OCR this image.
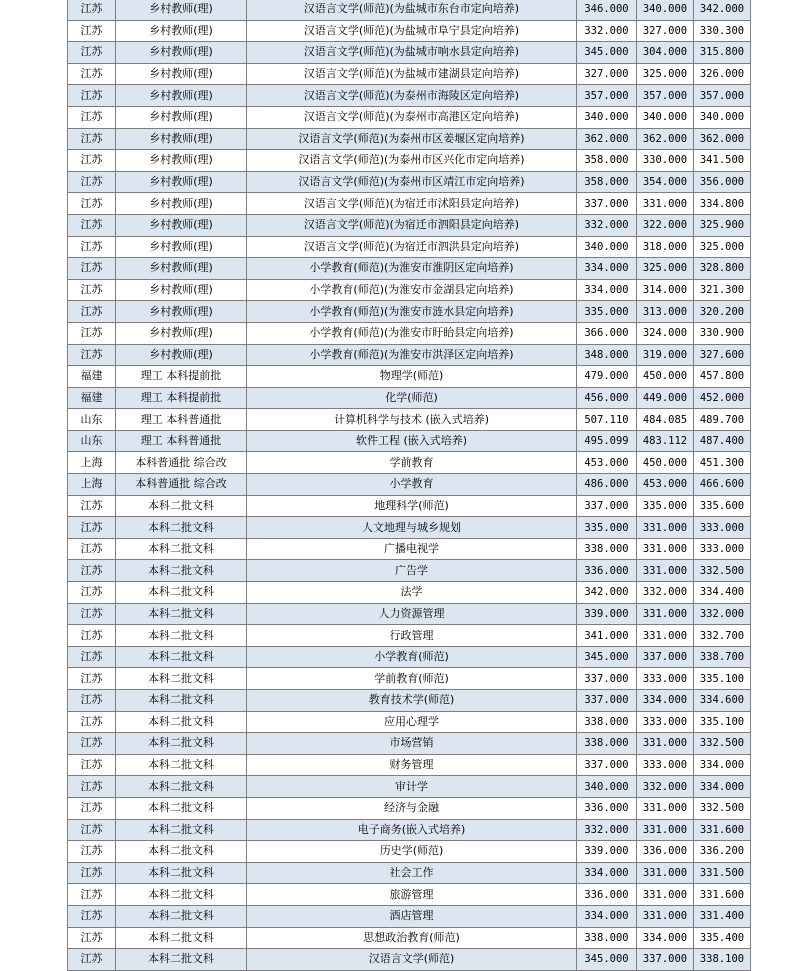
江苏	乡村教师(理)	汉语言文学(师范)(为盐城市东台市定向培养)	346.000	340.000	342.000
江苏	乡村教师(理)	汉语言文学(师范)(为盐城市阜宁县定向培养)	332.000	327.000	330.300
江苏	乡村教师(理)	汉语言文学(师范)(为盐城市响水县定向培养)	345.000	304.000	315.800
江苏	乡村教师(理)	汉语言文学(师范)(为盐城市建湖县定向培养)	327.000	325.000	326.000
江苏	乡村教师(理)	汉语言文学(师范)(为泰州市海陵区定向培养)	357.000	357.000	357.000
江苏	乡村教师(理)	汉语言文学(师范)(为泰州市高港区定向培养)	340.000	340.000	340.000
江苏	乡村教师(理)	汉语言文学(师范)(为泰州市区姜堰区定向培养)	362.000	362.000	362.000
江苏	乡村教师(理)	汉语言文学(师范)(为泰州市区兴化市定向培养)	358.000	330.000	341.500
江苏	乡村教师(理)	汉语言文学(师范)(为泰州市区靖江市定向培养)	358.000	354.000	356.000
江苏	乡村教师(理)	汉语言文学(师范)(为宿迁市沭阳县定向培养)	337.000	331.000	334.800
江苏	乡村教师(理)	汉语言文学(师范)(为宿迁市泗阳县定向培养)	332.000	322.000	325.900
江苏	乡村教师(理)	汉语言文学(师范)(为宿迁市泗洪县定向培养)	340.000	318.000	325.000
江苏	乡村教师(理)	小学教育(师范)(为淮安市淮阴区定向培养)	334.000	325.000	328.800
江苏	乡村教师(理)	小学教育(师范)(为淮安市金湖县定向培养)	334.000	314.000	321.300
江苏	乡村教师(理)	小学教育(师范)(为淮安市涟水县定向培养)	335.000	313.000	320.200
江苏	乡村教师(理)	小学教育(师范)(为淮安市盱眙县定向培养)	366.000	324.000	330.900
江苏	乡村教师(理)	小学教育(师范)(为淮安市洪泽区定向培养)	348.000	319.000	327.600
福建	理工 本科提前批	物理学(师范)	479.000	450.000	457.800
福建	理工 本科提前批	化学(师范)	456.000	449.000	452.000
山东	理工 本科普通批	计算机科学与技术 (嵌入式培养)	507.110	484.085	489.700
山东	理工 本科普通批	软件工程 (嵌入式培养)	495.099	483.112	487.400
上海	本科普通批 综合改	学前教育	453.000	450.000	451.300
上海	本科普通批 综合改	小学教育	486.000	453.000	466.600
江苏	本科二批文科	地理科学(师范)	337.000	335.000	335.600
江苏	本科二批文科	人文地理与城乡规划	335.000	331.000	333.000
江苏	本科二批文科	广播电视学	338.000	331.000	333.000
江苏	本科二批文科	广告学	336.000	331.000	332.500
江苏	本科二批文科	法学	342.000	332.000	334.400
江苏	本科二批文科	人力资源管理	339.000	331.000	332.000
江苏	本科二批文科	行政管理	341.000	331.000	332.700
江苏	本科二批文科	小学教育(师范)	345.000	337.000	338.700
江苏	本科二批文科	学前教育(师范)	337.000	333.000	335.100
江苏	本科二批文科	教育技术学(师范)	337.000	334.000	334.600
江苏	本科二批文科	应用心理学	338.000	333.000	335.100
江苏	本科二批文科	市场营销	338.000	331.000	332.500
江苏	本科二批文科	财务管理	337.000	333.000	334.000
江苏	本科二批文科	审计学	340.000	332.000	334.000
江苏	本科二批文科	经济与金融	336.000	331.000	332.500
江苏	本科二批文科	电子商务(嵌入式培养)	332.000	331.000	331.600
江苏	本科二批文科	历史学(师范)	339.000	336.000	336.200
江苏	本科二批文科	社会工作	334.000	331.000	331.500
江苏	本科二批文科	旅游管理	336.000	331.000	331.600
江苏	本科二批文科	酒店管理	334.000	331.000	331.400
江苏	本科二批文科	思想政治教育(师范)	338.000	334.000	335.400
江苏	本科二批文科	汉语言文学(师范)	345.000	337.000	338.100
